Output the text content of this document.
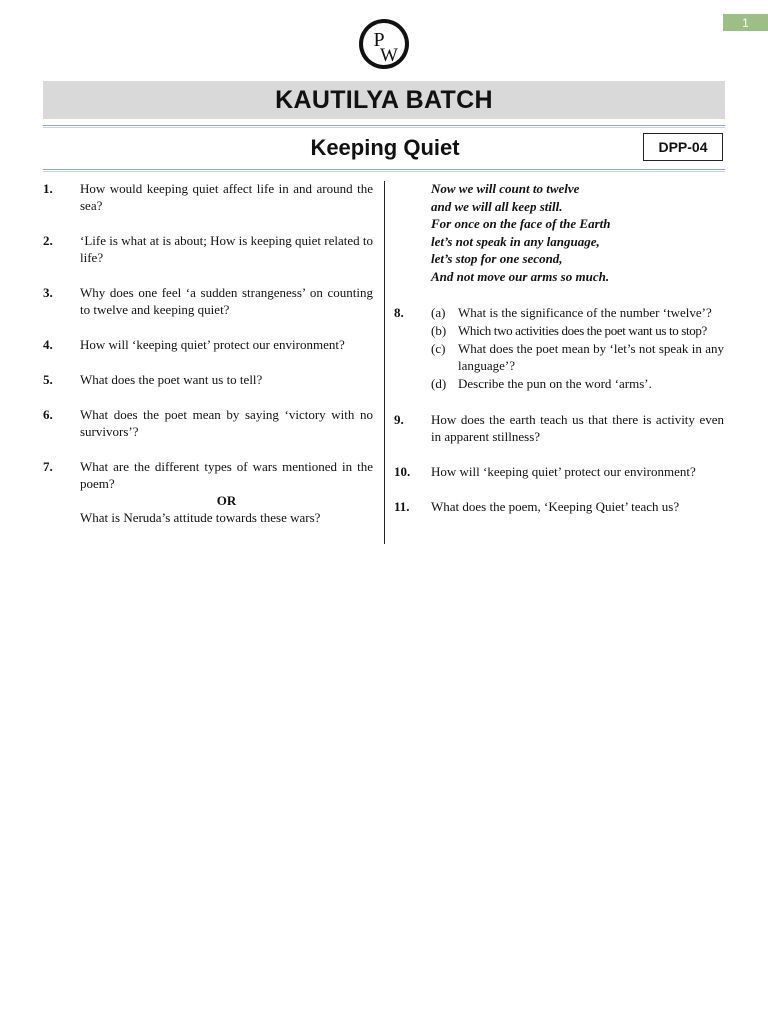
1
P
W
KAUTILYA BATCH
Keeping Quiet	DPP-04
1.	How would keeping quiet affect life in and around the sea?
2.	‘Life is what at is about; How is keeping quiet related to life?
3.	Why does one feel ‘a sudden strangeness’ on counting to twelve and keeping quiet?
4.	How will ‘keeping quiet’ protect our environment?
5.	What does the poet want us to tell?
6.	What does the poet mean by saying ‘victory with no survivors’?
7.	What are the different types of wars mentioned in the poem?
OR
What is Neruda’s attitude towards these wars?
Now we will count to twelve
and we will all keep still.
For once on the face of the Earth
let’s not speak in any language,
let’s stop for one second,
And not move our arms so much.
8.	(a) What is the significance of the number ‘twelve’?
(b) Which two activities does the poet want us to stop?
(c) What does the poet mean by ‘let’s not speak in any language’?
(d) Describe the pun on the word ‘arms’.
9.	How does the earth teach us that there is activity even in apparent stillness?
10.	How will ‘keeping quiet’ protect our environment?
11.	What does the poem, ‘Keeping Quiet’ teach us?
